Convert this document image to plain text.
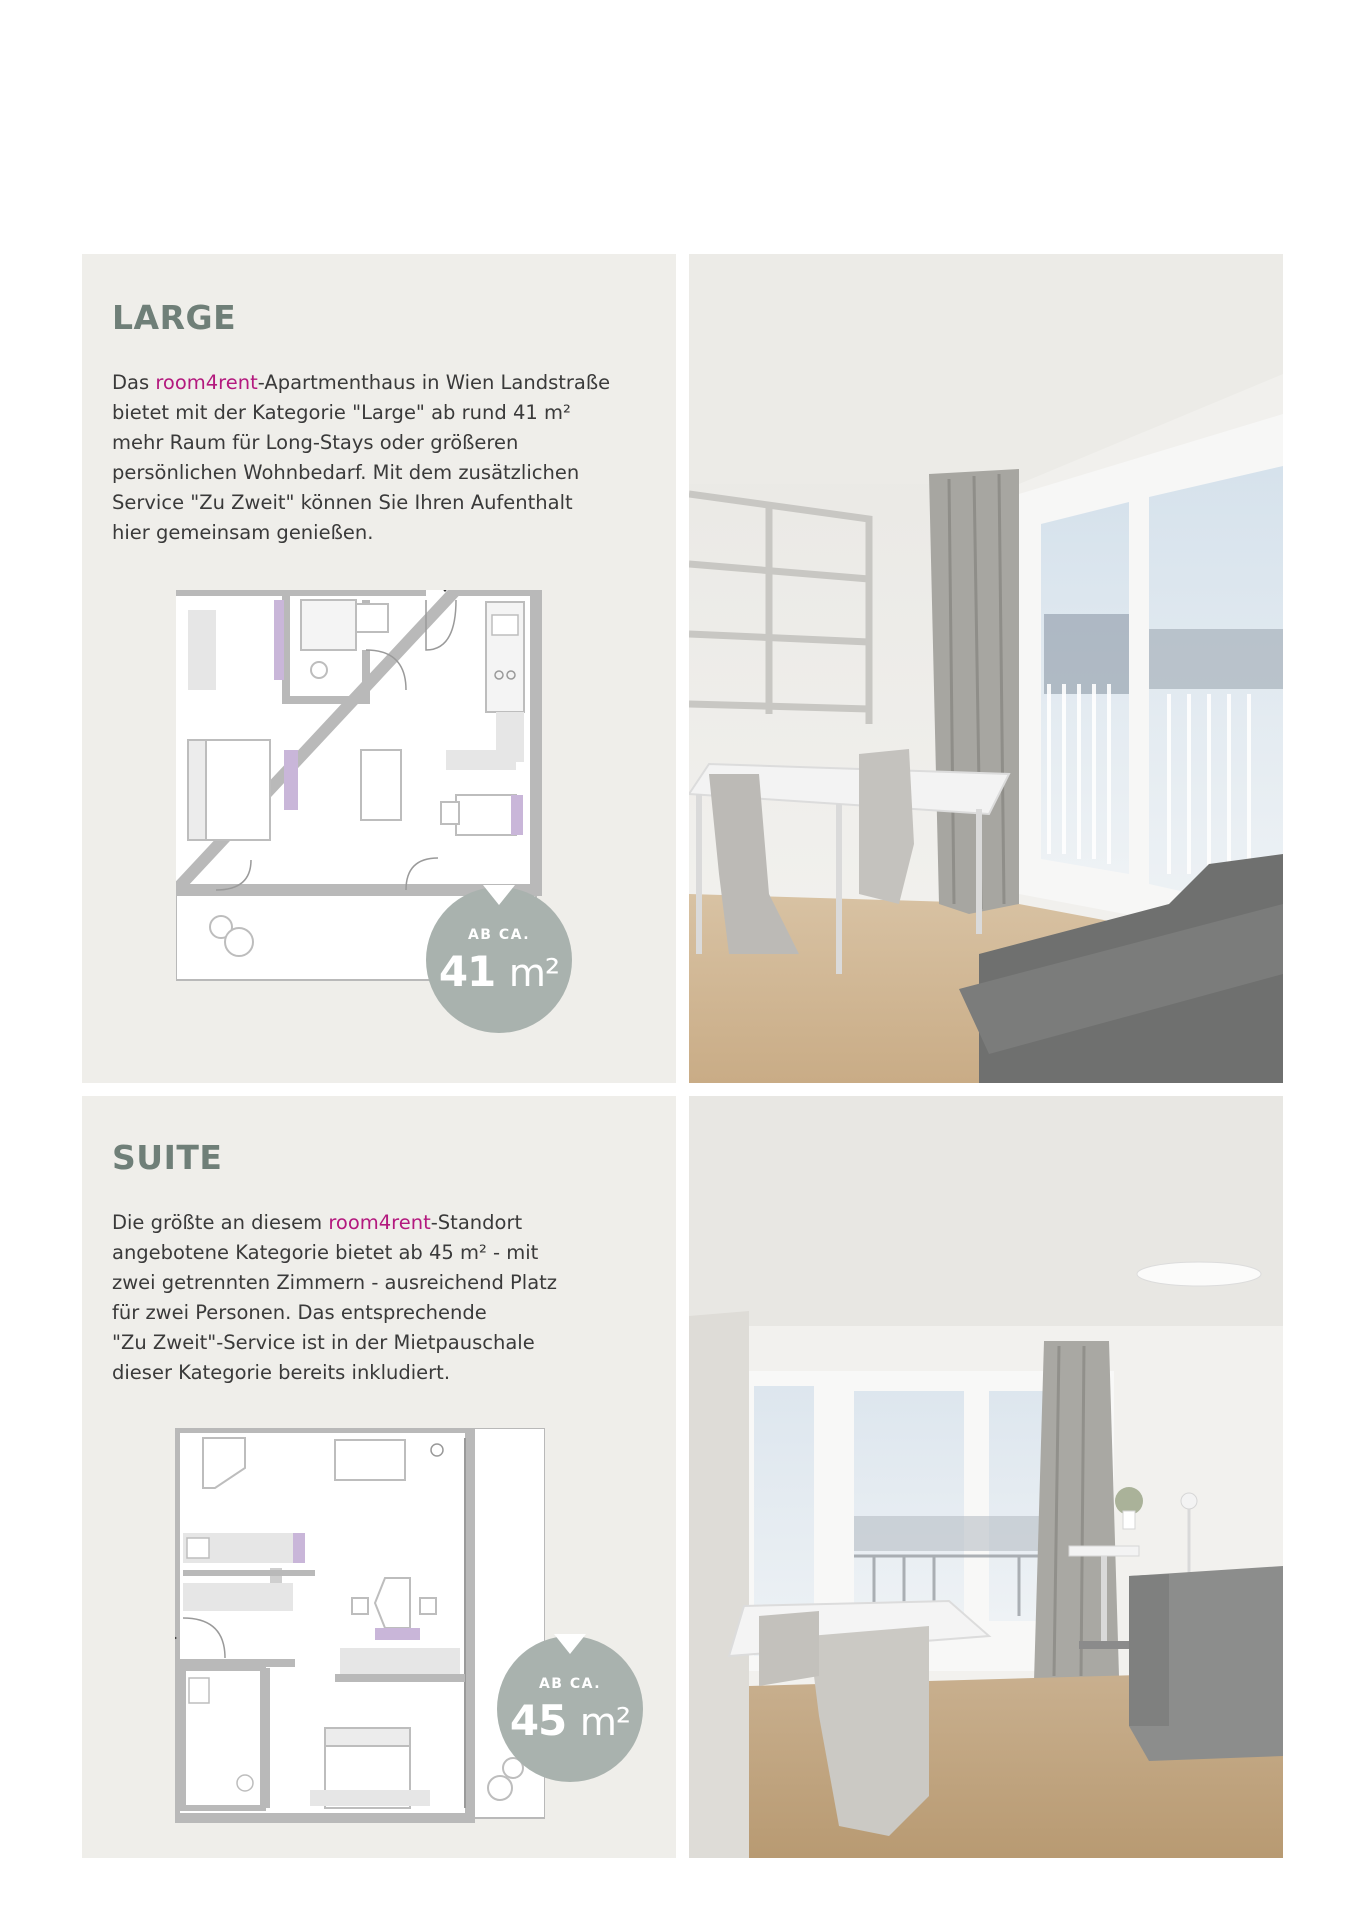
LARGE

Das room4rent-Apartmenthaus in Wien Landstraße
bietet mit der Kategorie "Large" ab rund 41 m²
mehr Raum für Long-Stays oder größeren
persönlichen Wohnbedarf. Mit dem zusätzlichen
Service "Zu Zweit" können Sie Ihren Aufenthalt
hier gemeinsam genießen.

AB CA.
41 m²
SUITE

Die größte an diesem room4rent-Standort
angebotene Kategorie bietet ab 45 m² - mit
zwei getrennten Zimmern - ausreichend Platz
für zwei Personen. Das entsprechende
"Zu Zweit"-Service ist in der Mietpauschale
dieser Kategorie bereits inkludiert.

AB CA.
45 m²
